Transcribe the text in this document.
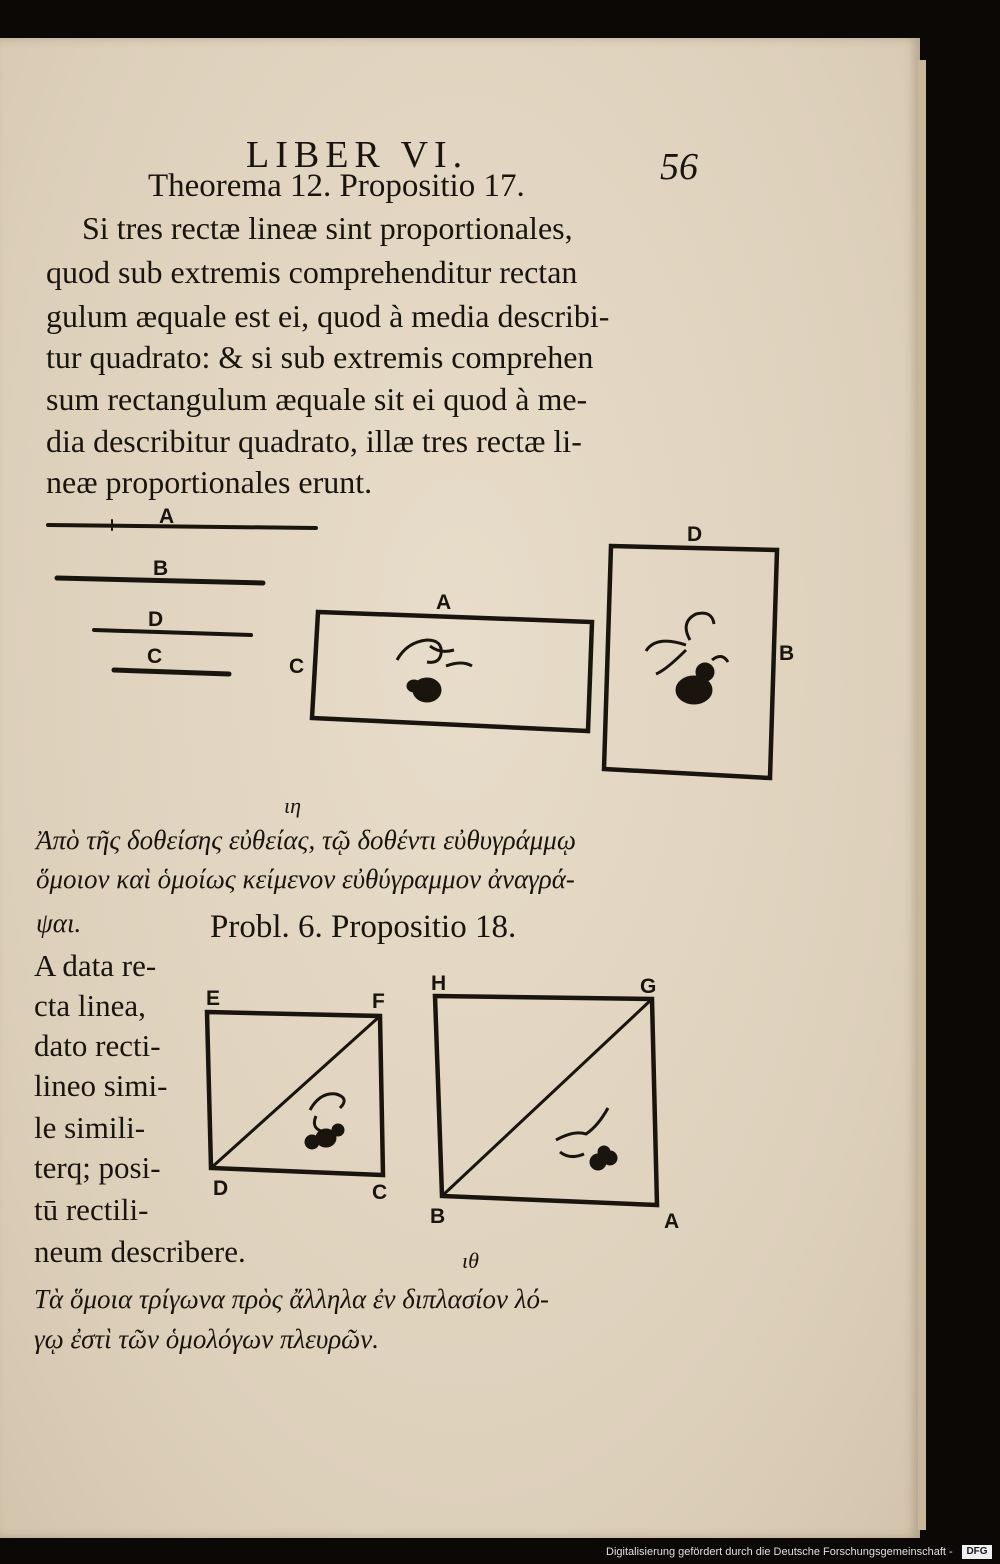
LIBER VI.	56
Theorema 12. Propositio 17.
Si tres rectæ lineæ sint proportionales,
quod sub extremis comprehenditur rectan
gulum æquale est ei, quod à media describi-
tur quadrato: & si sub extremis comprehen
sum rectangulum æquale sit ei quod à me-
dia describitur quadrato, illæ tres rectæ li-
neæ proportionales erunt.
A
B
D
C
A
C
D
B
ιη
Ἀπὸ τῆς δοθείσης εὐθείας, τῷ δοθέντι εὐθυγράμμῳ
ὅμοιον καὶ ὁμοίως κείμενον εὐθύγραμμον ἀναγρά-
ψαι.	Probl. 6. Propositio 18.
A data re-
cta linea,
dato recti-
lineo simi-
le simili-
terq; posi-
tū rectili-
neum describere.
E	F
D	C
H	G
B	A
ιθ
Τὰ ὅμοια τρίγωνα πρὸς ἄλληλα ἐν διπλασίον λό-
γῳ ἐστὶ τῶν ὁμολόγων πλευρῶν.
Digitalisierung gefördert durch die Deutsche Forschungsgemeinschaft -	DFG
